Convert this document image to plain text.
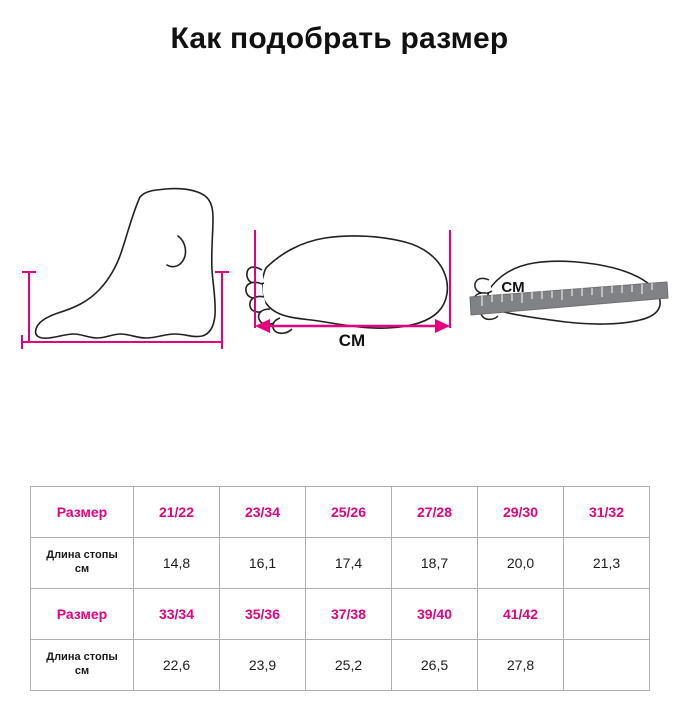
Как подобрать размер
CM
CM
Размер	21/22	23/34	25/26	27/28	29/30	31/32
Длина стопы
см	14,8	16,1	17,4	18,7	20,0	21,3
Размер	33/34	35/36	37/38	39/40	41/42	
Длина стопы
см	22,6	23,9	25,2	26,5	27,8	
